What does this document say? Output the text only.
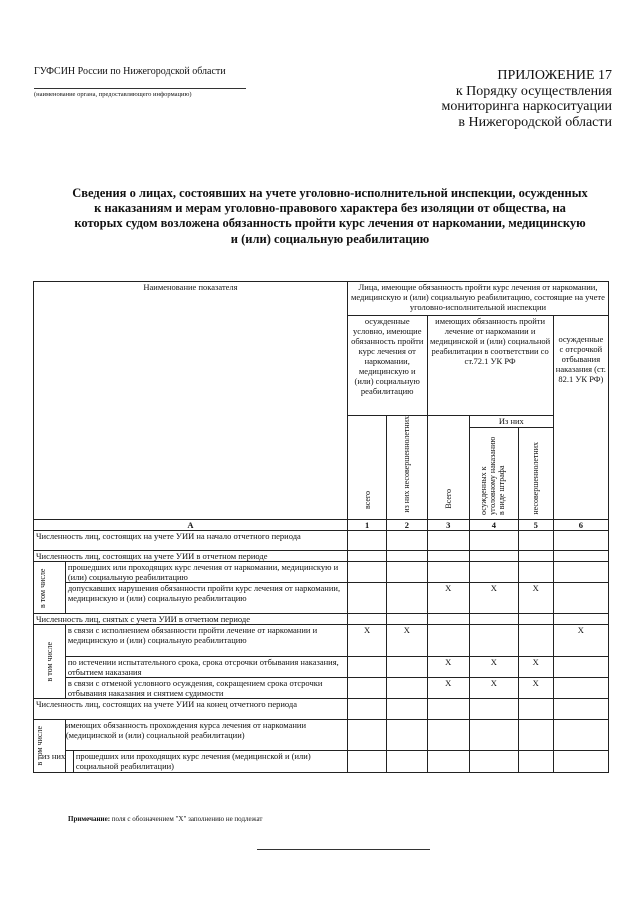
ГУФСИН России по Нижегородской области
(наименование органа, предоставляющего информацию)
ПРИЛОЖЕНИЕ 17
к Порядку осуществления
мониторинга наркоситуации
в Нижегородской области
Сведения о лицах, состоявших на учете уголовно-исполнительной инспекции, осужденных к наказаниям и мерам уголовно-правового характера без изоляции от общества, на которых судом возложена обязанность пройти курс лечения от наркомании, медицинскую и (или) социальную реабилитацию
Наименование показателя		Лица, имеющие обязанность пройти курс лечения от наркомании, медицинскую и (или) социальную реабилитацию, состоящие на учете уголовно-исполнительной инспекции					
		осужденные условно, имеющие обязанность пройти курс лечения от наркомании, медицинскую и (или) социальную реабилитацию		имеющих обязанность пройти лечение от наркомании и медицинской и (или) социальной реабилитации в соответствии со ст.72.1 УК РФ			осужденные с отсрочкой отбывания наказания (ст. 82.1 УК РФ)

		всего	из них несовершеннолетних	Всего	Из них		

					осужденных к уголовному наказанию в виде штрафа	несовершеннолетних	

А		1	2	3	4	5	6
Численность лиц, состоящих на учете УИИ на начало отчетного периода							
Численность лиц, состоящих на учете УИИ в отчетном периоде							

в том числе	прошедших или проходящих курс лечения от наркомании, медицинскую и (или) социальную реабилитацию						
	допускавших нарушения обязанности пройти курс лечения от наркомании, медицинскую и (или) социальную реабилитацию			X	X	X	
Численность лиц, снятых с учета УИИ в отчетном периоде							

в том числе	в связи с исполнением обязанности пройти лечение от наркомании и медицинскую и (или) социальную реабилитацию	X	X				X
	по истечении испытательного срока, срока отсрочки отбывания наказания, отбытием наказания			X	X	X	
	в связи с отменой условного осуждения, сокращением срока отсрочки отбывания наказания и снятием судимости			X	X	X	
Численность лиц, состоящих на учете УИИ на конец отчетного периода							

в том числе	имеющих обязанность прохождения курса лечения от наркомании (медицинской и (или) социальной реабилитации)						

	из них прошедших или проходящих курс лечения (медицинской и (или) социальной реабилитации)						

Примечание: поля с обозначением "X" заполнению не подлежат
